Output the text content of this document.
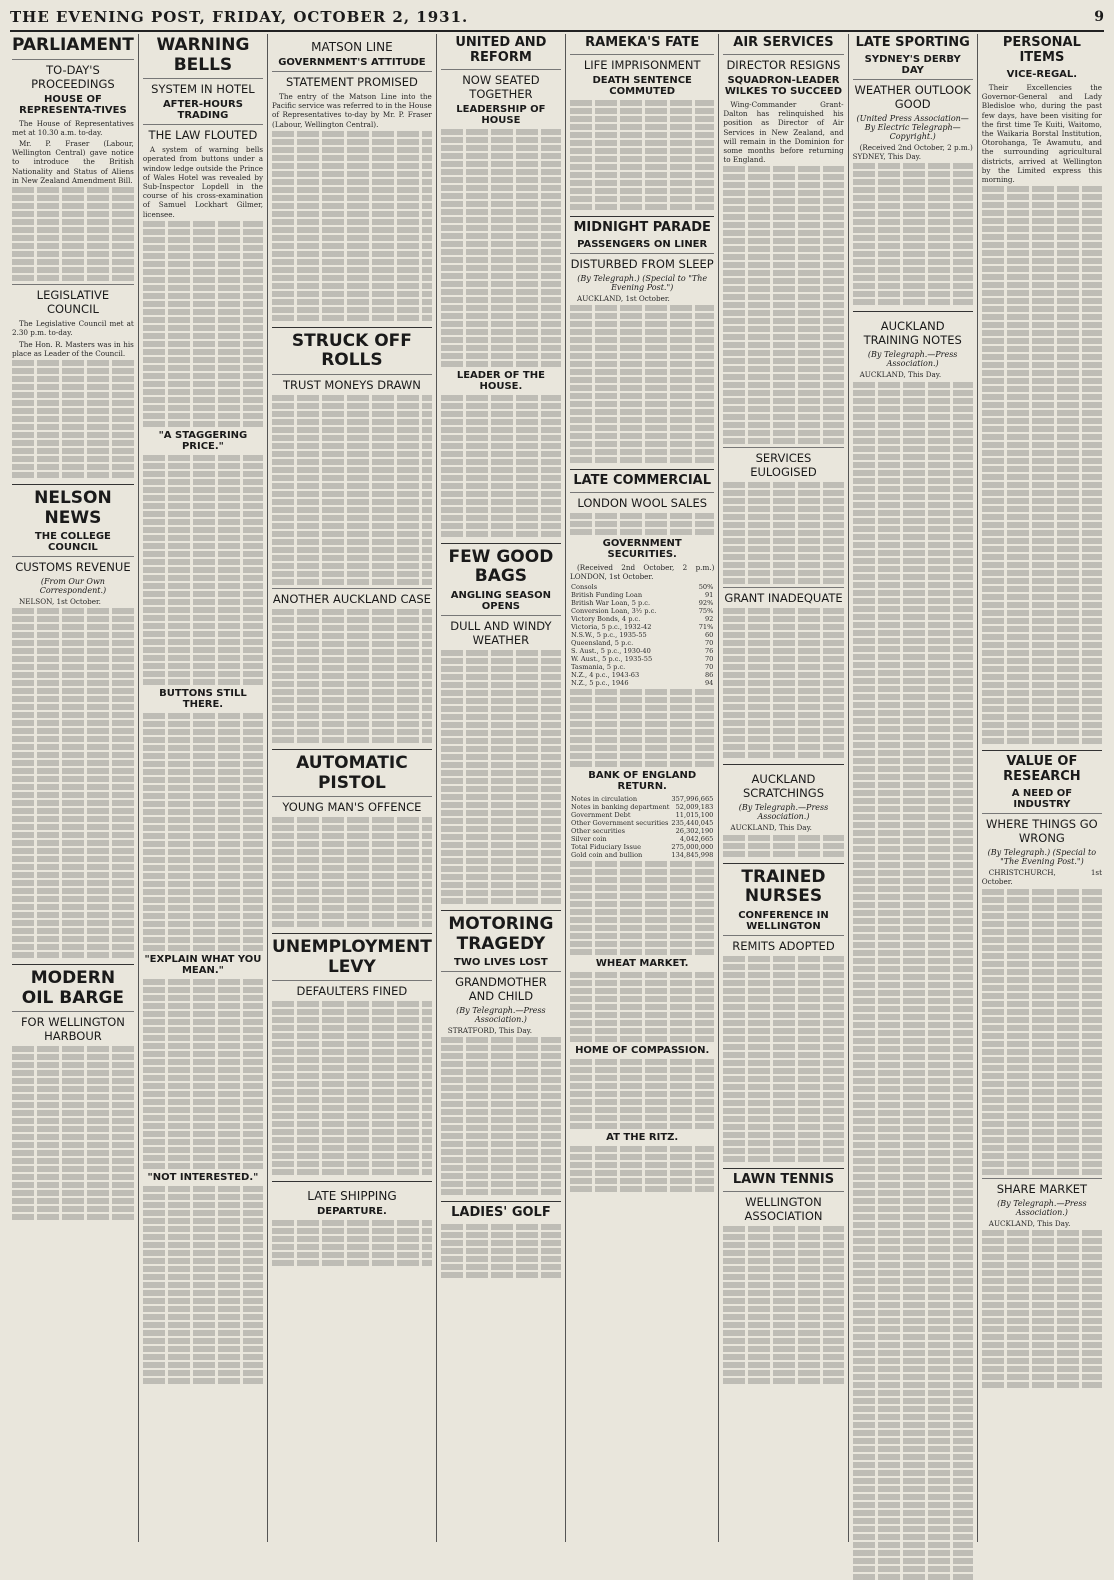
THE EVENING POST, FRIDAY, OCTOBER 2, 1931.	9
PARLIAMENT
TO-DAY'S PROCEEDINGS
HOUSE OF REPRESENTA-TIVES

The House of Representatives met at 10.30 a.m. to-day.

Mr. P. Fraser (Labour, Wellington Central) gave notice to introduce the British Nationality and Status of Aliens in New Zealand Amendment Bill.

LEGISLATIVE COUNCIL

The Legislative Council met at 2.30 p.m. to-day.

The Hon. R. Masters was in his place as Leader of the Council.

NELSON NEWS
THE COLLEGE COUNCIL
CUSTOMS REVENUE
(From Our Own Correspondent.)

NELSON, 1st October.

MODERN OIL BARGE
FOR WELLINGTON HARBOUR
WARNING BELLS
SYSTEM IN HOTEL
AFTER-HOURS TRADING
THE LAW FLOUTED

A system of warning bells operated from buttons under a window ledge outside the Prince of Wales Hotel was revealed by Sub-Inspector Lopdell in the course of his cross-examination of Samuel Lockhart Gilmer, licensee.

"A STAGGERING PRICE."
BUTTONS STILL THERE.
"EXPLAIN WHAT YOU MEAN."
"NOT INTERESTED."
MATSON LINE
GOVERNMENT'S ATTITUDE
STATEMENT PROMISED

The entry of the Matson Line into the Pacific service was referred to in the House of Representatives to-day by Mr. P. Fraser (Labour, Wellington Central).

STRUCK OFF ROLLS
TRUST MONEYS DRAWN
ANOTHER AUCKLAND CASE
AUTOMATIC PISTOL
YOUNG MAN'S OFFENCE
UNEMPLOYMENT LEVY
DEFAULTERS FINED
LATE SHIPPING
DEPARTURE.
UNITED AND REFORM
NOW SEATED TOGETHER
LEADERSHIP OF HOUSE
LEADER OF THE HOUSE.
FEW GOOD BAGS
ANGLING SEASON OPENS
DULL AND WINDY WEATHER
MOTORING TRAGEDY
TWO LIVES LOST
GRANDMOTHER AND CHILD
(By Telegraph.—Press Association.)

STRATFORD, This Day.

LADIES' GOLF
RAMEKA'S FATE
LIFE IMPRISONMENT
DEATH SENTENCE COMMUTED
MIDNIGHT PARADE
PASSENGERS ON LINER
DISTURBED FROM SLEEP
(By Telegraph.) (Special to "The Evening Post.")

AUCKLAND, 1st October.

LATE COMMERCIAL
LONDON WOOL SALES
GOVERNMENT SECURITIES.

(Received 2nd October, 2 p.m.) LONDON, 1st October.

Consols	50%
British Funding Loan	91
British War Loan, 5 p.c.	92%
Conversion Loan, 3½ p.c.	75%
Victory Bonds, 4 p.c.	92
Victoria, 5 p.c., 1932-42	71%
N.S.W., 5 p.c., 1935-55	60
Queensland, 5 p.c.	70
S. Aust., 5 p.c., 1930-40	76
W. Aust., 5 p.c., 1935-55	70
Tasmania, 5 p.c.	70
N.Z., 4 p.c., 1943-63	86
N.Z., 5 p.c., 1946	94
BANK OF ENGLAND RETURN.
Notes in circulation	357,996,665
Notes in banking department	52,009,183
Government Debt	11,015,100
Other Government securities	235,440,045
Other securities	26,302,190
Silver coin	4,042,665
Total Fiduciary Issue	275,000,000
Gold coin and bullion	134,845,998
WHEAT MARKET.
HOME OF COMPASSION.
AT THE RITZ.
AIR SERVICES
DIRECTOR RESIGNS
SQUADRON-LEADER WILKES TO SUCCEED

Wing-Commander Grant-Dalton has relinquished his position as Director of Air Services in New Zealand, and will remain in the Dominion for some months before returning to England.

SERVICES EULOGISED
GRANT INADEQUATE
AUCKLAND SCRATCHINGS
(By Telegraph.—Press Association.)

AUCKLAND, This Day.

TRAINED NURSES
CONFERENCE IN WELLINGTON
REMITS ADOPTED
LAWN TENNIS
WELLINGTON ASSOCIATION
LATE SPORTING
SYDNEY'S DERBY DAY
WEATHER OUTLOOK GOOD
(United Press Association—By Electric Telegraph—Copyright.)

(Received 2nd October, 2 p.m.) SYDNEY, This Day.

AUCKLAND TRAINING NOTES
(By Telegraph.—Press Association.)

AUCKLAND, This Day.

PERSONAL ITEMS
VICE-REGAL.

Their Excellencies the Governor-General and Lady Bledisloe who, during the past few days, have been visiting for the first time Te Kuiti, Waitomo, the Waikaria Borstal Institution, Otorohanga, Te Awamutu, and the surrounding agricultural districts, arrived at Wellington by the Limited express this morning.

VALUE OF RESEARCH
A NEED OF INDUSTRY
WHERE THINGS GO WRONG
(By Telegraph.) (Special to "The Evening Post.")

CHRISTCHURCH, 1st October.

SHARE MARKET
(By Telegraph.—Press Association.)

AUCKLAND, This Day.
